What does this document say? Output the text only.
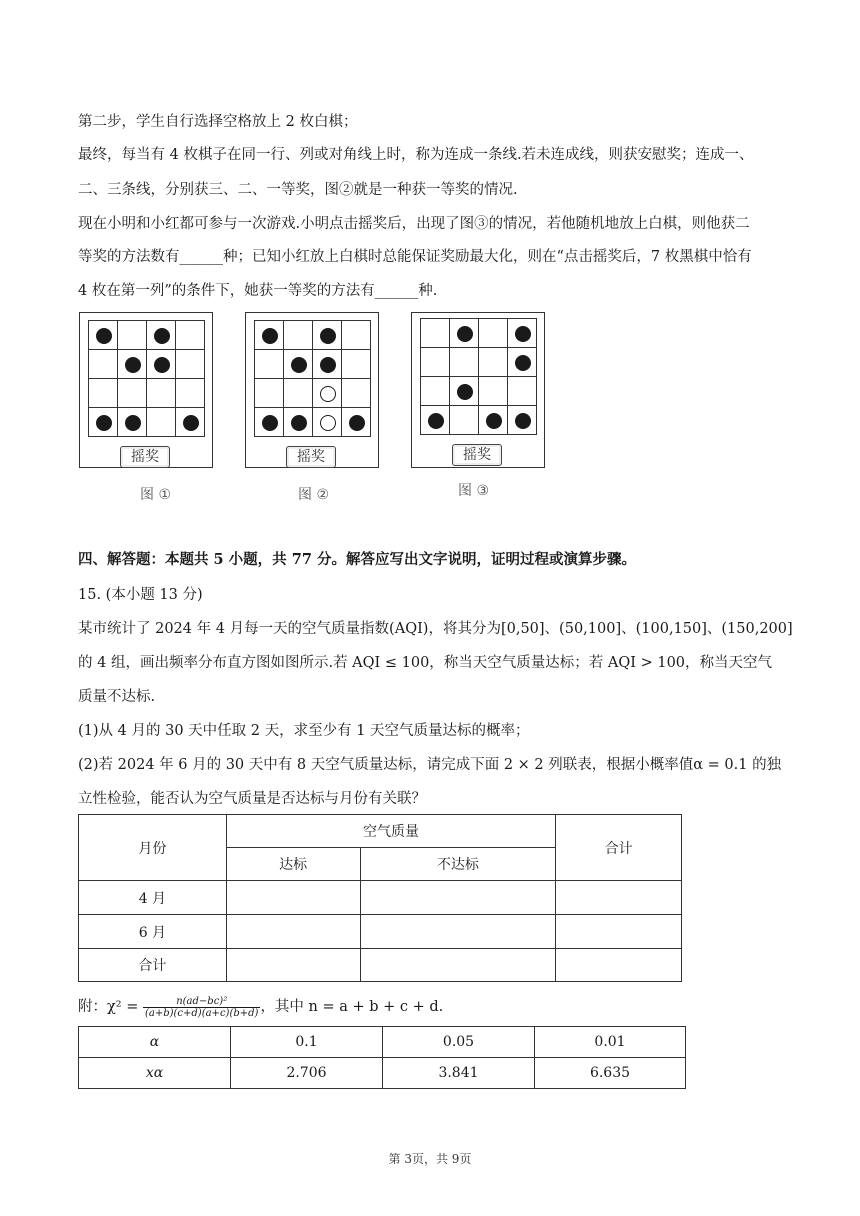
第二步，学生自行选择空格放上 2 枚白棋；
最终，每当有 4 枚棋子在同一行、列或对角线上时，称为连成一条线.若未连成线，则获安慰奖；连成一、
二、三条线，分别获三、二、一等奖，图②就是一种获一等奖的情况.
现在小明和小红都可参与一次游戏.小明点击摇奖后，出现了图③的情况，若他随机地放上白棋，则他获二
等奖的方法数有______种；已知小红放上白棋时总能保证奖励最大化，则在“点击摇奖后，7 枚黑棋中恰有
4 枚在第一列”的条件下，她获一等奖的方法有______种.
摇奖
图 ①
摇奖
图 ②
摇奖
图 ③
四、解答题：本题共 5 小题，共 77 分。解答应写出文字说明，证明过程或演算步骤。
15. (本小题 13 分)
某市统计了 2024 年 4 月每一天的空气质量指数(AQI)，将其分为[0,50]、(50,100]、(100,150]、(150,200]
的 4 组，画出频率分布直方图如图所示.若 AQI ≤ 100，称当天空气质量达标；若 AQI > 100，称当天空气
质量不达标.
(1)从 4 月的 30 天中任取 2 天，求至少有 1 天空气质量达标的概率；
(2)若 2024 年 6 月的 30 天中有 8 天空气质量达标，请完成下面 2 × 2 列联表，根据小概率值α = 0.1 的独
立性检验，能否认为空气质量是否达标与月份有关联？
月份	空气质量		合计
	达标	不达标	
4 月			
6 月			
合计			
附：$\chi^2 = \frac{\text{n(ad−bc)²}}{(a+b)(c+d)(a+c)(b+d)}$ ，其中 n = a + b + c + d.
α	0.1	0.05	0.01
xα	2.706	3.841	6.635
第 3页，共 9页
